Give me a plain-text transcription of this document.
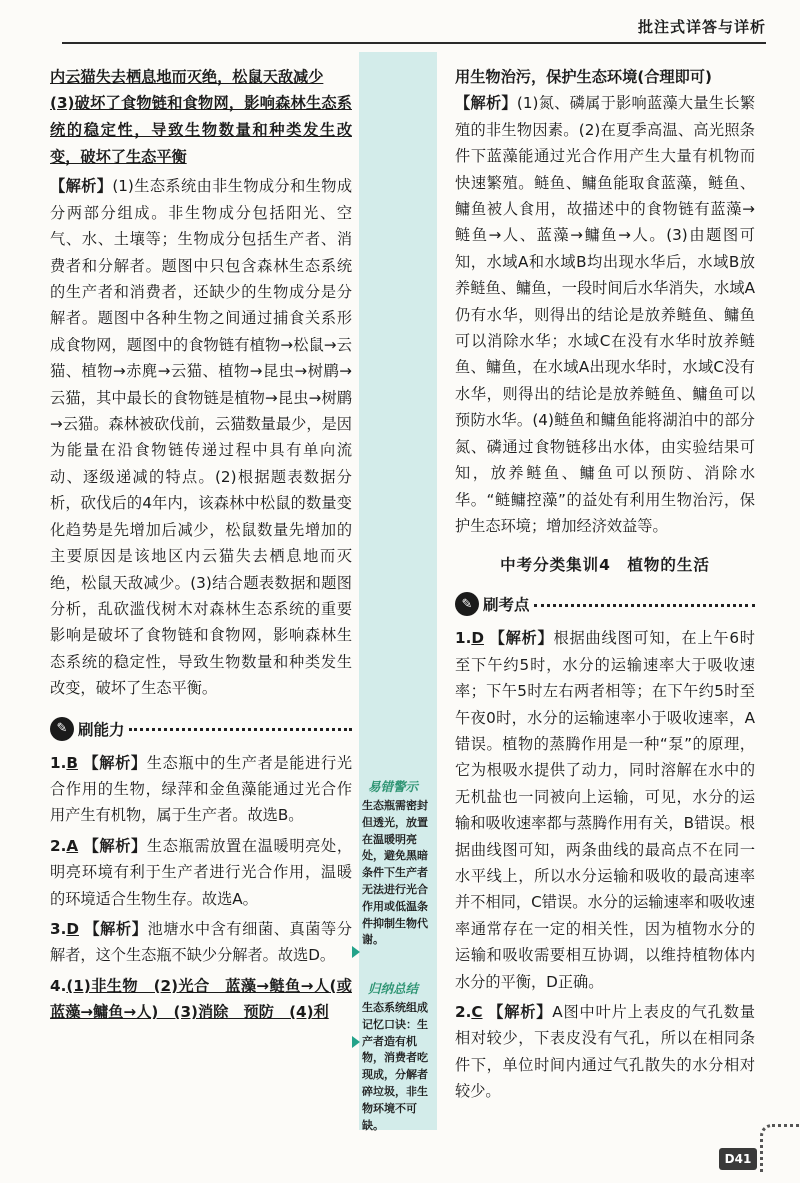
批注式详答与详析

内云猫失去栖息地而灭绝，松鼠天敌减少

(3)破坏了食物链和食物网，影响森林生态系统的稳定性，导致生物数量和种类发生改变，破坏了生态平衡

【解析】(1)生态系统由非生物成分和生物成分两部分组成。非生物成分包括阳光、空气、水、土壤等；生物成分包括生产者、消费者和分解者。题图中只包含森林生态系统的生产者和消费者，还缺少的生物成分是分解者。题图中各种生物之间通过捕食关系形成食物网，题图中的食物链有植物→松鼠→云猫、植物→赤麂→云猫、植物→昆虫→树鹛→云猫，其中最长的食物链是植物→昆虫→树鹛→云猫。森林被砍伐前，云猫数量最少，是因为能量在沿食物链传递过程中具有单向流动、逐级递减的特点。(2)根据题表数据分析，砍伐后的4年内，该森林中松鼠的数量变化趋势是先增加后减少，松鼠数量先增加的主要原因是该地区内云猫失去栖息地而灭绝，松鼠天敌减少。(3)结合题表数据和题图分析，乱砍滥伐树木对森林生态系统的重要影响是破坏了食物链和食物网，影响森林生态系统的稳定性，导致生物数量和种类发生改变，破坏了生态平衡。

✎ 刷能力

1.B 【解析】生态瓶中的生产者是能进行光合作用的生物，绿萍和金鱼藻能通过光合作用产生有机物，属于生产者。故选B。

2.A 【解析】生态瓶需放置在温暖明亮处，明亮环境有利于生产者进行光合作用，温暖的环境适合生物生存。故选A。

3.D 【解析】池塘水中含有细菌、真菌等分解者，这个生态瓶不缺少分解者。故选D。

4.(1)非生物　(2)光合　蓝藻→鲢鱼→人(或蓝藻→鳙鱼→人)　(3)消除　预防　(4)利

易错警示

生态瓶需密封但透光，放置在温暖明亮处，避免黑暗条件下生产者无法进行光合作用或低温条件抑制生物代谢。

归纳总结

生态系统组成记忆口诀：生产者造有机物，消费者吃现成，分解者碎垃圾，非生物环境不可缺。

用生物治污，保护生态环境(合理即可)

【解析】(1)氮、磷属于影响蓝藻大量生长繁殖的非生物因素。(2)在夏季高温、高光照条件下蓝藻能通过光合作用产生大量有机物而快速繁殖。鲢鱼、鳙鱼能取食蓝藻，鲢鱼、鳙鱼被人食用，故描述中的食物链有蓝藻→鲢鱼→人、蓝藻→鳙鱼→人。(3)由题图可知，水域A和水域B均出现水华后，水域B放养鲢鱼、鳙鱼，一段时间后水华消失，水域A仍有水华，则得出的结论是放养鲢鱼、鳙鱼可以消除水华；水域C在没有水华时放养鲢鱼、鳙鱼，在水域A出现水华时，水域C没有水华，则得出的结论是放养鲢鱼、鳙鱼可以预防水华。(4)鲢鱼和鳙鱼能将湖泊中的部分氮、磷通过食物链移出水体，由实验结果可知，放养鲢鱼、鳙鱼可以预防、消除水华。“鲢鳙控藻”的益处有利用生物治污，保护生态环境；增加经济效益等。

中考分类集训4　植物的生活
✎ 刷考点

1.D 【解析】根据曲线图可知，在上午6时至下午约5时，水分的运输速率大于吸收速率；下午5时左右两者相等；在下午约5时至午夜0时，水分的运输速率小于吸收速率，A错误。植物的蒸腾作用是一种“泵”的原理，它为根吸水提供了动力，同时溶解在水中的无机盐也一同被向上运输，可见，水分的运输和吸收速率都与蒸腾作用有关，B错误。根据曲线图可知，两条曲线的最高点不在同一水平线上，所以水分运输和吸收的最高速率并不相同，C错误。水分的运输速率和吸收速率通常存在一定的相关性，因为植物水分的运输和吸收需要相互协调，以维持植物体内水分的平衡，D正确。

2.C 【解析】A图中叶片上表皮的气孔数量相对较少，下表皮没有气孔，所以在相同条件下，单位时间内通过气孔散失的水分相对较少。

D41
